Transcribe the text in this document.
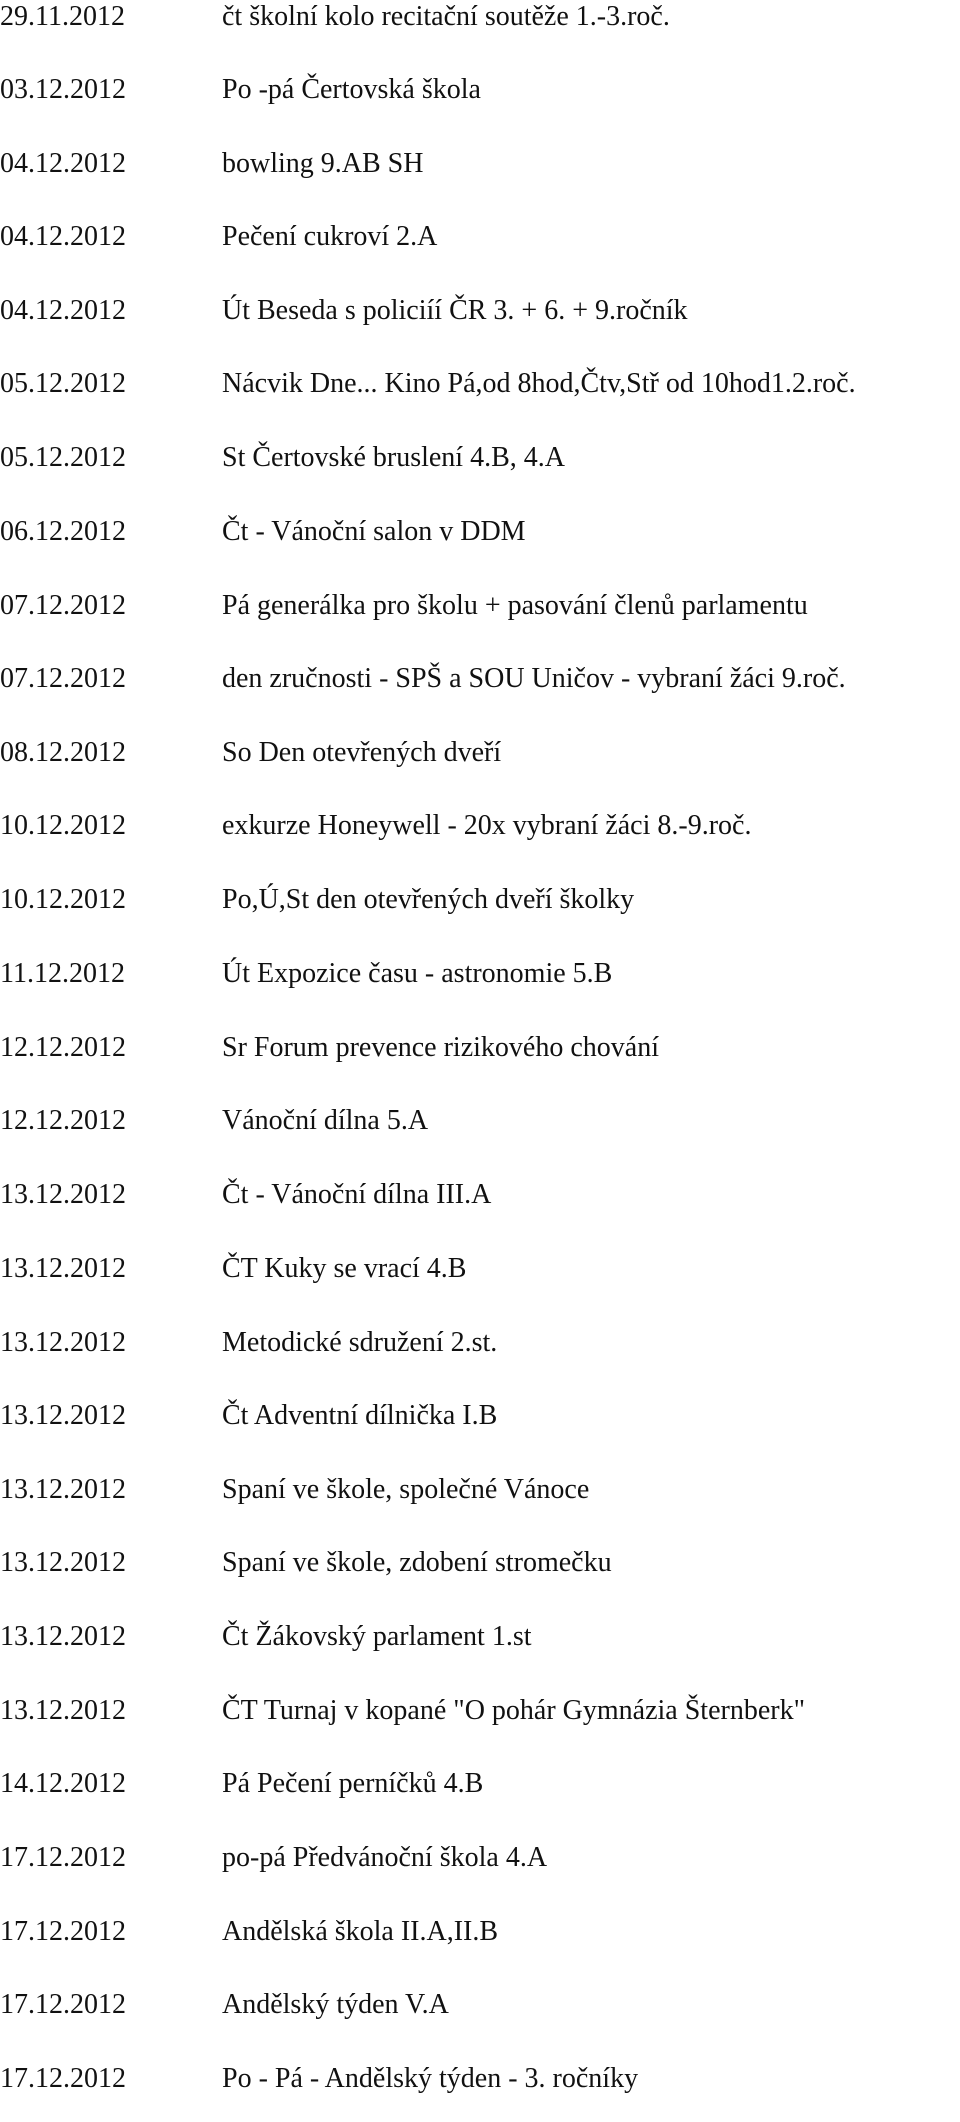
29.11.2012	čt školní kolo recitační soutěže 1.-3.roč.
03.12.2012	Po -pá Čertovská škola
04.12.2012	bowling 9.AB SH
04.12.2012	Pečení cukroví 2.A
04.12.2012	Út Beseda s policiíí ČR 3. + 6. + 9.ročník
05.12.2012	Nácvik Dne... Kino Pá,od 8hod,Čtv,Stř od 10hod1.2.roč.
05.12.2012	St Čertovské bruslení 4.B, 4.A
06.12.2012	Čt - Vánoční salon v DDM
07.12.2012	Pá generálka pro školu + pasování členů parlamentu
07.12.2012	den zručnosti - SPŠ a SOU Uničov - vybraní žáci 9.roč.
08.12.2012	So Den otevřených dveří
10.12.2012	exkurze Honeywell - 20x vybraní žáci 8.-9.roč.
10.12.2012	Po,Ú,St den otevřených dveří školky
11.12.2012	Út Expozice času - astronomie 5.B
12.12.2012	Sr Forum prevence rizikového chování
12.12.2012	Vánoční dílna 5.A
13.12.2012	Čt - Vánoční dílna III.A
13.12.2012	ČT Kuky se vrací 4.B
13.12.2012	Metodické sdružení 2.st.
13.12.2012	Čt Adventní dílnička I.B
13.12.2012	Spaní ve škole, společné Vánoce
13.12.2012	Spaní ve škole, zdobení stromečku
13.12.2012	Čt Žákovský parlament 1.st
13.12.2012	ČT Turnaj v kopané "O pohár Gymnázia Šternberk"
14.12.2012	Pá Pečení perníčků 4.B
17.12.2012	po-pá Předvánoční škola 4.A
17.12.2012	Andělská škola II.A,II.B
17.12.2012	Andělský týden V.A
17.12.2012	Po - Pá - Andělský týden - 3. ročníky
